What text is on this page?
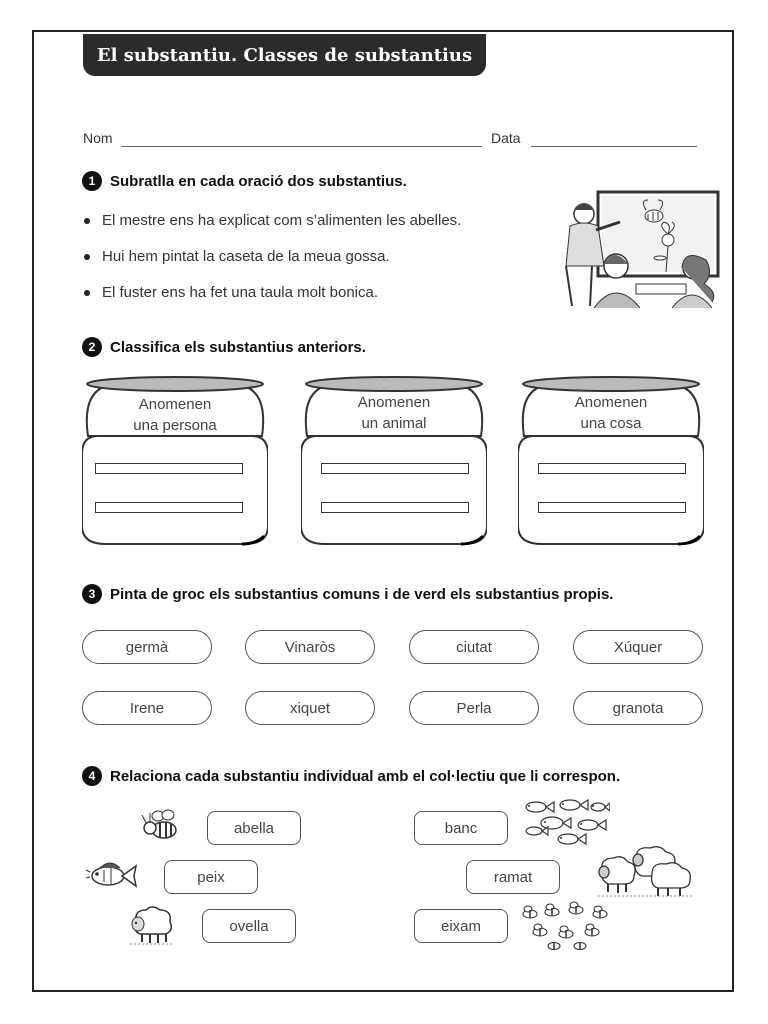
El substantiu. Classes de substantius
Nom	Data
1 Subratlla en cada oració dos substantius.
El mestre ens ha explicat com s’alimenten les abelles.
Hui hem pintat la caseta de la meua gossa.
El fuster ens ha fet una taula molt bonica.
2 Classifica els substantius anteriors.
Anomenen
una persona
Anomenen
un animal
Anomenen
una cosa
3 Pinta de groc els substantius comuns i de verd els substantius propis.
germà	Vinaròs	ciutat	Xúquer
Irene	xiquet	Perla	granota
4 Relaciona cada substantiu individual amb el col·lectiu que li correspon.
abella
peix
ovella
banc
ramat
eixam
